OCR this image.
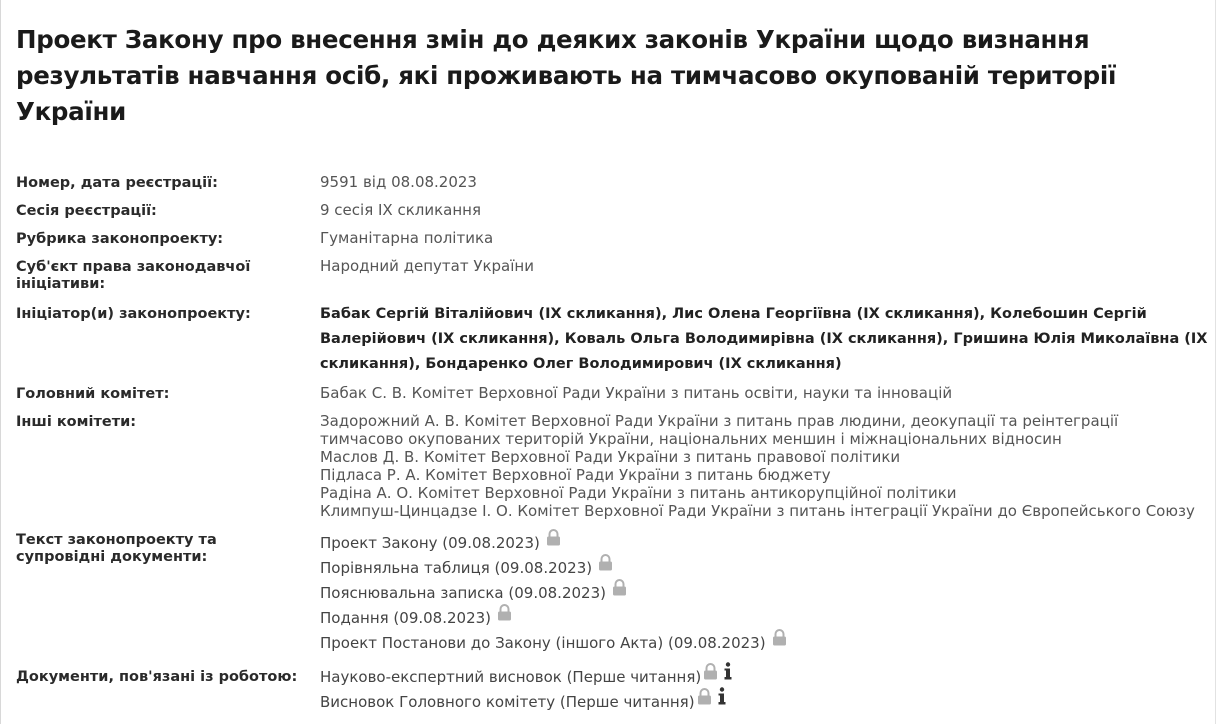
Проект Закону про внесення змін до деяких законів України щодо визнання результатів навчання осіб, які проживають на тимчасово окупованій території України
Номер, дата реєстрації:	9591 від 08.08.2023
Сесія реєстрації:	9 сесія IX скликання
Рубрика законопроекту:	Гуманітарна політика
Суб'єкт права законодавчої ініціативи:
Народний депутат України
Ініціатор(и) законопроекту:	Бабак Сергій Віталійович (IX скликання), Лис Олена Георгіївна (IX скликання), Колебошин Сергій Валерійович (IX скликання), Коваль Ольга Володимирівна (IX скликання), Гришина Юлія Миколаївна (IX скликання), Бондаренко Олег Володимирович (IX скликання)
Головний комітет:	Бабак С. В. Комітет Верховної Ради України з питань освіти, науки та інновацій
Інші комітети:	Задорожний А. В. Комітет Верховної Ради України з питань прав людини, деокупації та реінтеграції тимчасово окупованих територій України, національних меншин і міжнаціональних відносин
Маслов Д. В. Комітет Верховної Ради України з питань правової політики
Підласа Р. А. Комітет Верховної Ради України з питань бюджету
Радіна А. О. Комітет Верховної Ради України з питань антикорупційної політики
Климпуш-Цинцадзе І. О. Комітет Верховної Ради України з питань інтеграції України до Європейського Союзу
Текст законопроекту та супровідні документи:
Проект Закону (09.08.2023)
Порівняльна таблиця (09.08.2023)
Пояснювальна записка (09.08.2023)
Подання (09.08.2023)
Проект Постанови до Закону (іншого Акта) (09.08.2023)
Документи, пов'язані із роботою:	Науково-експертний висновок (Перше читання)
Висновок Головного комітету (Перше читання)
